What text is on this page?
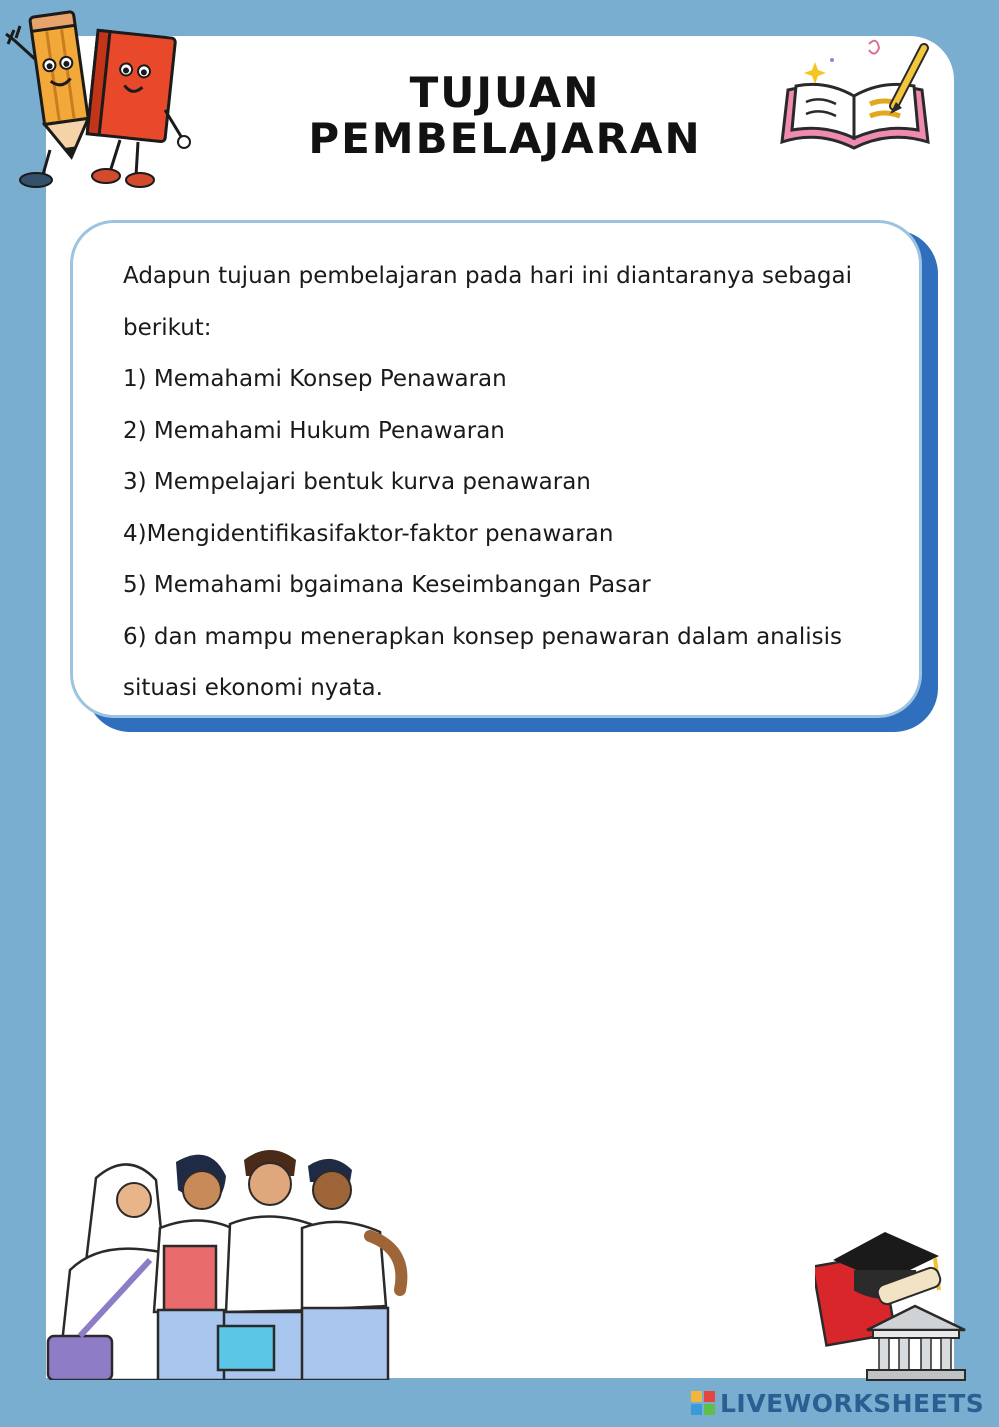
TUJUAN
PEMBELAJARAN

Adapun tujuan pembelajaran pada hari ini diantaranya sebagai berikut:

1) Memahami Konsep Penawaran

2) Memahami Hukum Penawaran

3) Mempelajari bentuk kurva penawaran

4)Mengidentifikasifaktor-faktor penawaran

5) Memahami bgaimana Keseimbangan Pasar

6) dan mampu menerapkan konsep penawaran dalam analisis situasi ekonomi nyata.

LIVEWORKSHEETS
